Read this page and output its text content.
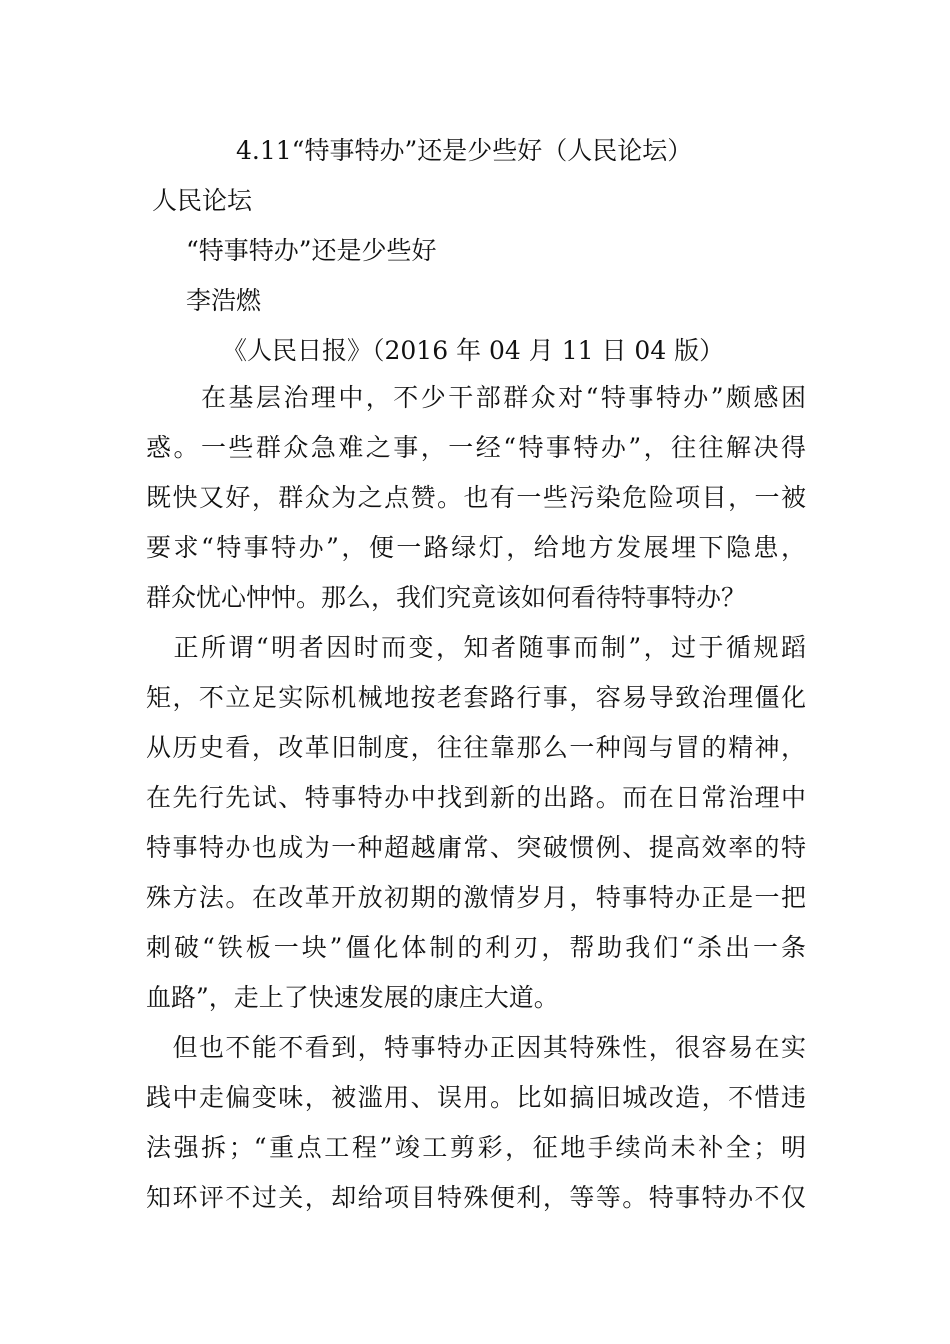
4.11“特事特办”还是少些好（人民论坛）
人民论坛
“特事特办”还是少些好
李浩燃
《人民日报》（2016 年 04 月 11 日 04 版）
　　在基层治理中，不少干部群众对“特事特办”颇感困
惑。一些群众急难之事，一经“特事特办”，往往解决得
既快又好，群众为之点赞。也有一些污染危险项目，一被
要求“特事特办”，便一路绿灯，给地方发展埋下隐患，
群众忧心忡忡。那么，我们究竟该如何看待特事特办？
　正所谓“明者因时而变，知者随事而制”，过于循规蹈
矩，不立足实际机械地按老套路行事，容易导致治理僵化
从历史看，改革旧制度，往往靠那么一种闯与冒的精神，
在先行先试、特事特办中找到新的出路。而在日常治理中
特事特办也成为一种超越庸常、突破惯例、提高效率的特
殊方法。在改革开放初期的激情岁月，特事特办正是一把
刺破“铁板一块”僵化体制的利刃，帮助我们“杀出一条
血路”，走上了快速发展的康庄大道。
　但也不能不看到，特事特办正因其特殊性，很容易在实
践中走偏变味，被滥用、误用。比如搞旧城改造，不惜违
法强拆；“重点工程”竣工剪彩，征地手续尚未补全；明
知环评不过关，却给项目特殊便利，等等。特事特办不仅
